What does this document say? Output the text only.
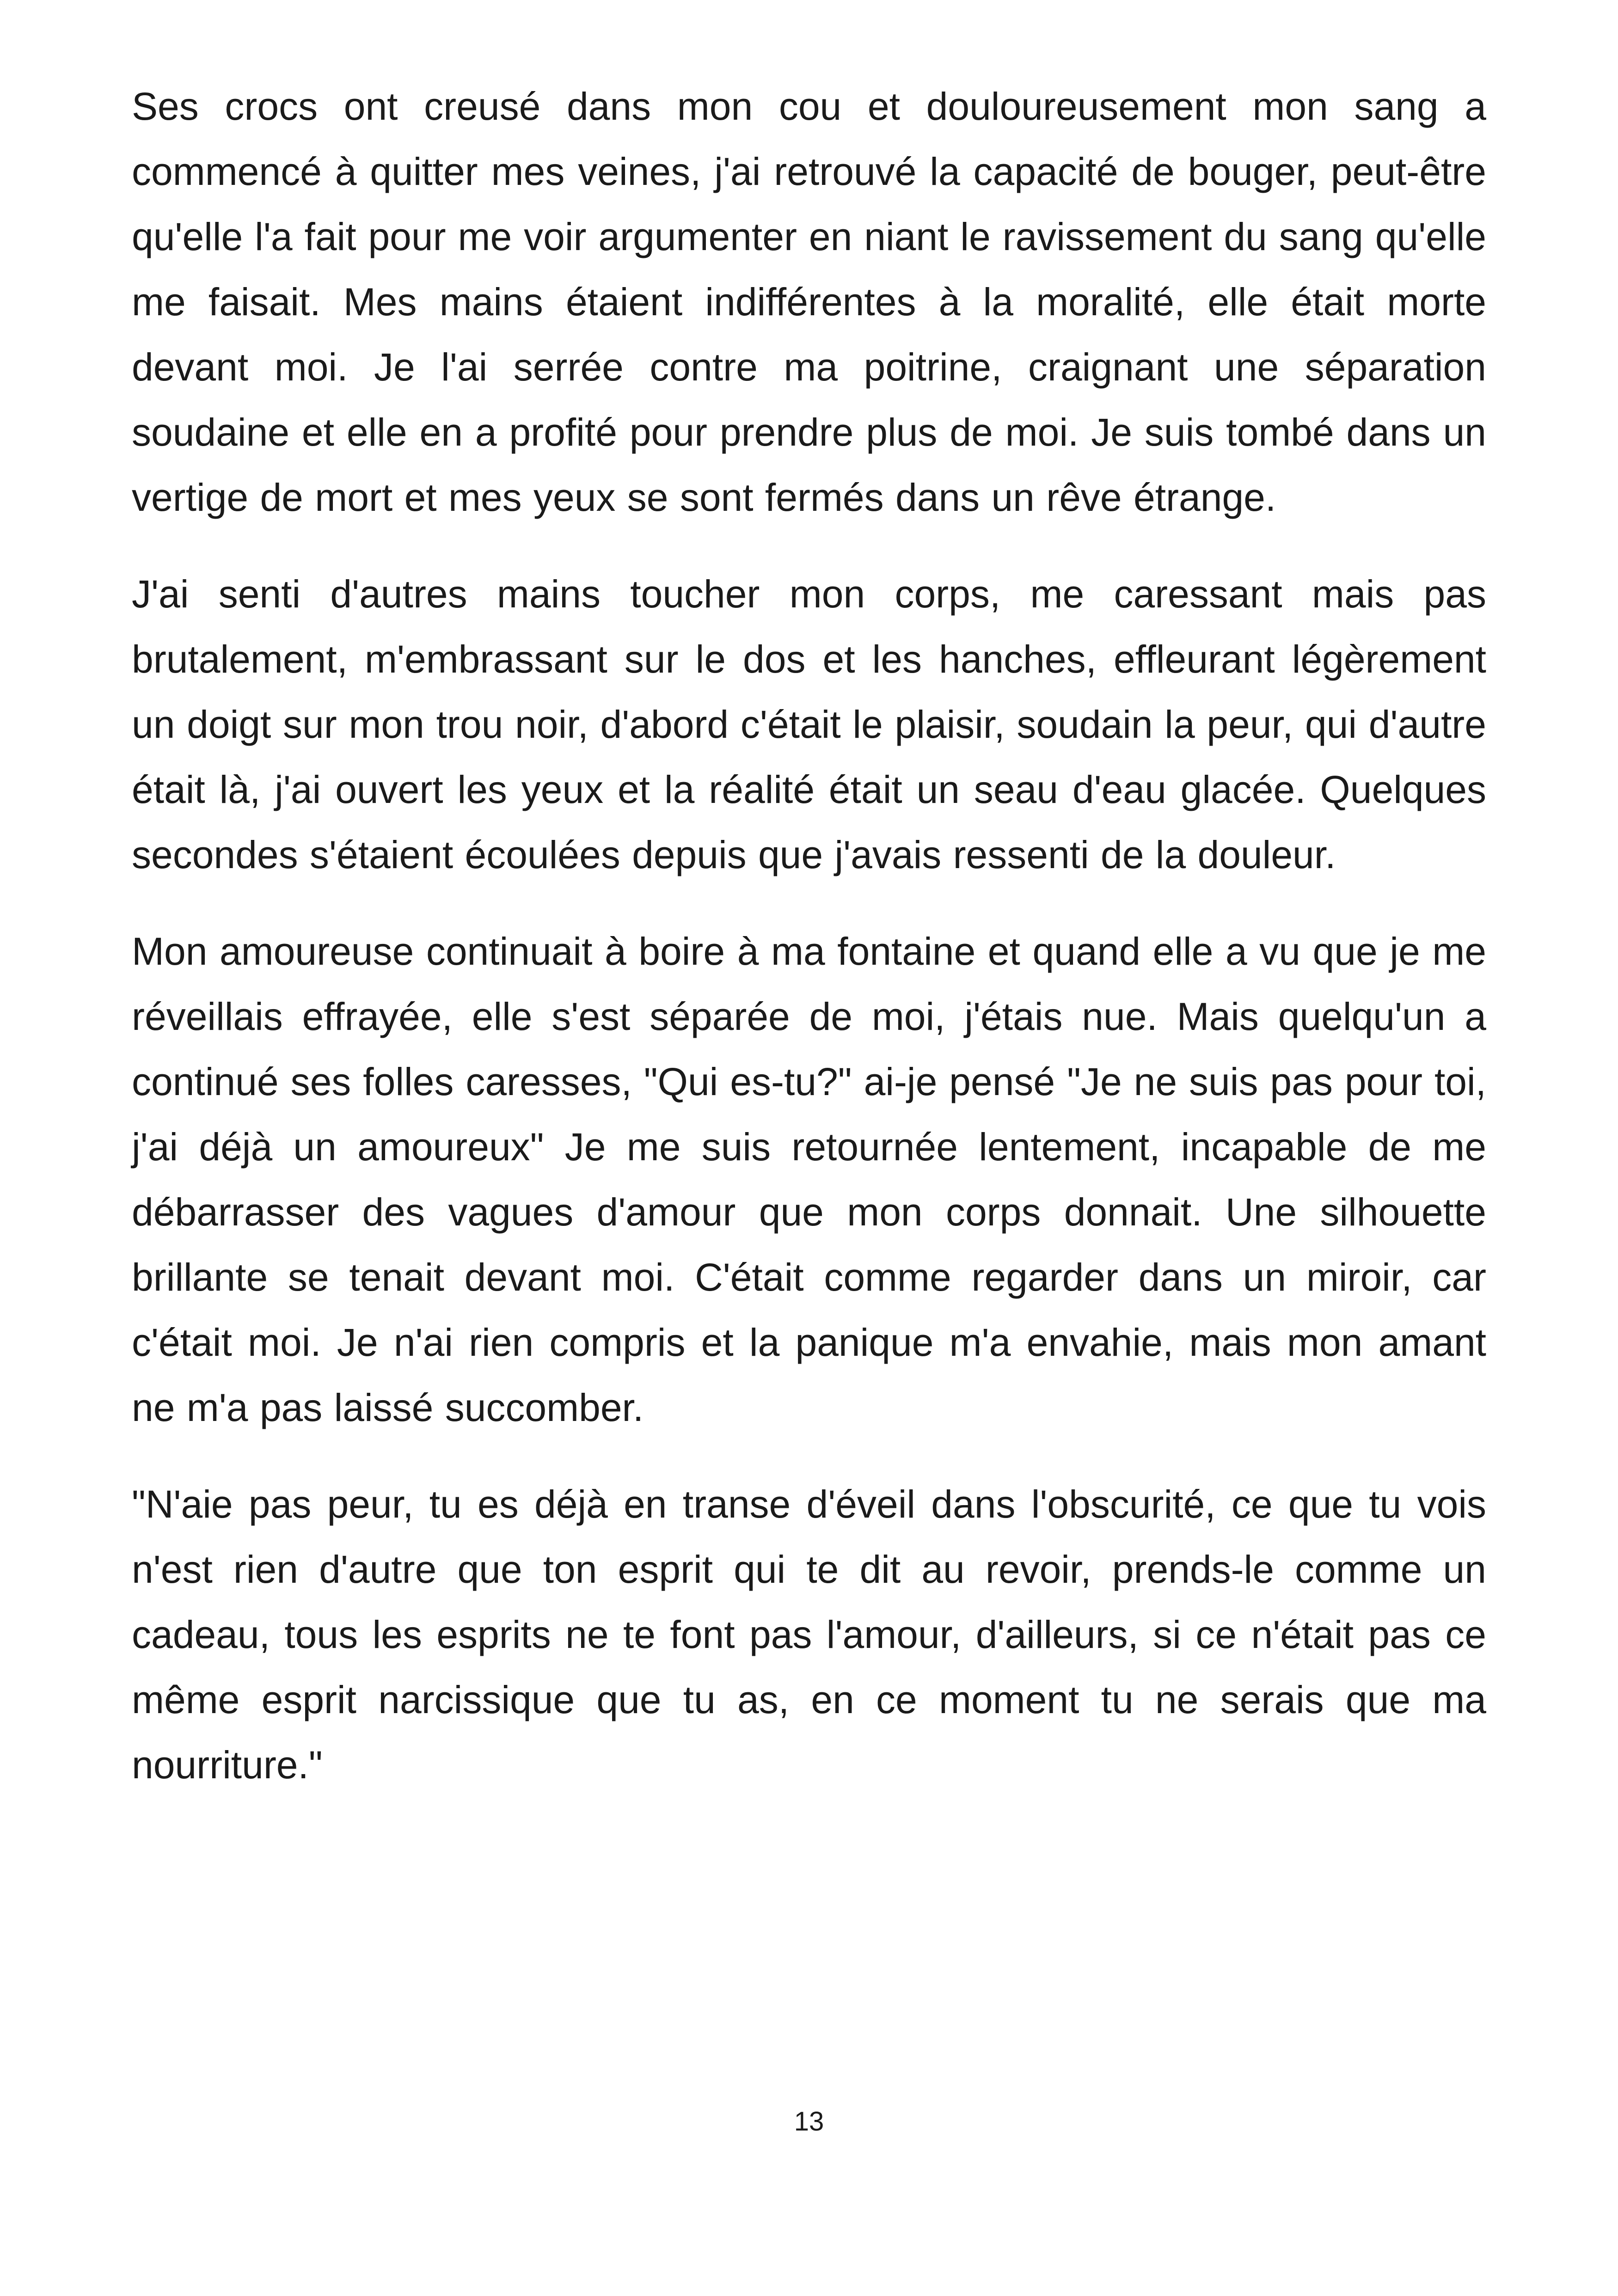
Ses crocs ont creusé dans mon cou et douloureusement mon sang a commencé à quitter mes veines, j'ai retrouvé la capacité de bouger, peut-être qu'elle l'a fait pour me voir argumenter en niant le ravissement du sang qu'elle me faisait. Mes mains étaient indifférentes à la moralité, elle était morte devant moi. Je l'ai serrée contre ma poitrine, craignant une séparation soudaine et elle en a profité pour prendre plus de moi. Je suis tombé dans un vertige de mort et mes yeux se sont fermés dans un rêve étrange.

J'ai senti d'autres mains toucher mon corps, me caressant mais pas brutalement, m'embrassant sur le dos et les hanches, effleurant légèrement un doigt sur mon trou noir, d'abord c'était le plaisir, soudain la peur, qui d'autre était là, j'ai ouvert les yeux et la réalité était un seau d'eau glacée. Quelques secondes s'étaient écoulées depuis que j'avais ressenti de la douleur.

Mon amoureuse continuait à boire à ma fontaine et quand elle a vu que je me réveillais effrayée, elle s'est séparée de moi, j'étais nue. Mais quelqu'un a continué ses folles caresses, "Qui es-tu?" ai-je pensé "Je ne suis pas pour toi, j'ai déjà un amoureux" Je me suis retournée lentement, incapable de me débarrasser des vagues d'amour que mon corps donnait. Une silhouette brillante se tenait devant moi. C'était comme regarder dans un miroir, car c'était moi. Je n'ai rien compris et la panique m'a envahie, mais mon amant ne m'a pas laissé succomber.

"N'aie pas peur, tu es déjà en transe d'éveil dans l'obscurité, ce que tu vois n'est rien d'autre que ton esprit qui te dit au revoir, prends-le comme un cadeau, tous les esprits ne te font pas l'amour, d'ailleurs, si ce n'était pas ce même esprit narcissique que tu as, en ce moment tu ne serais que ma nourriture."

13
